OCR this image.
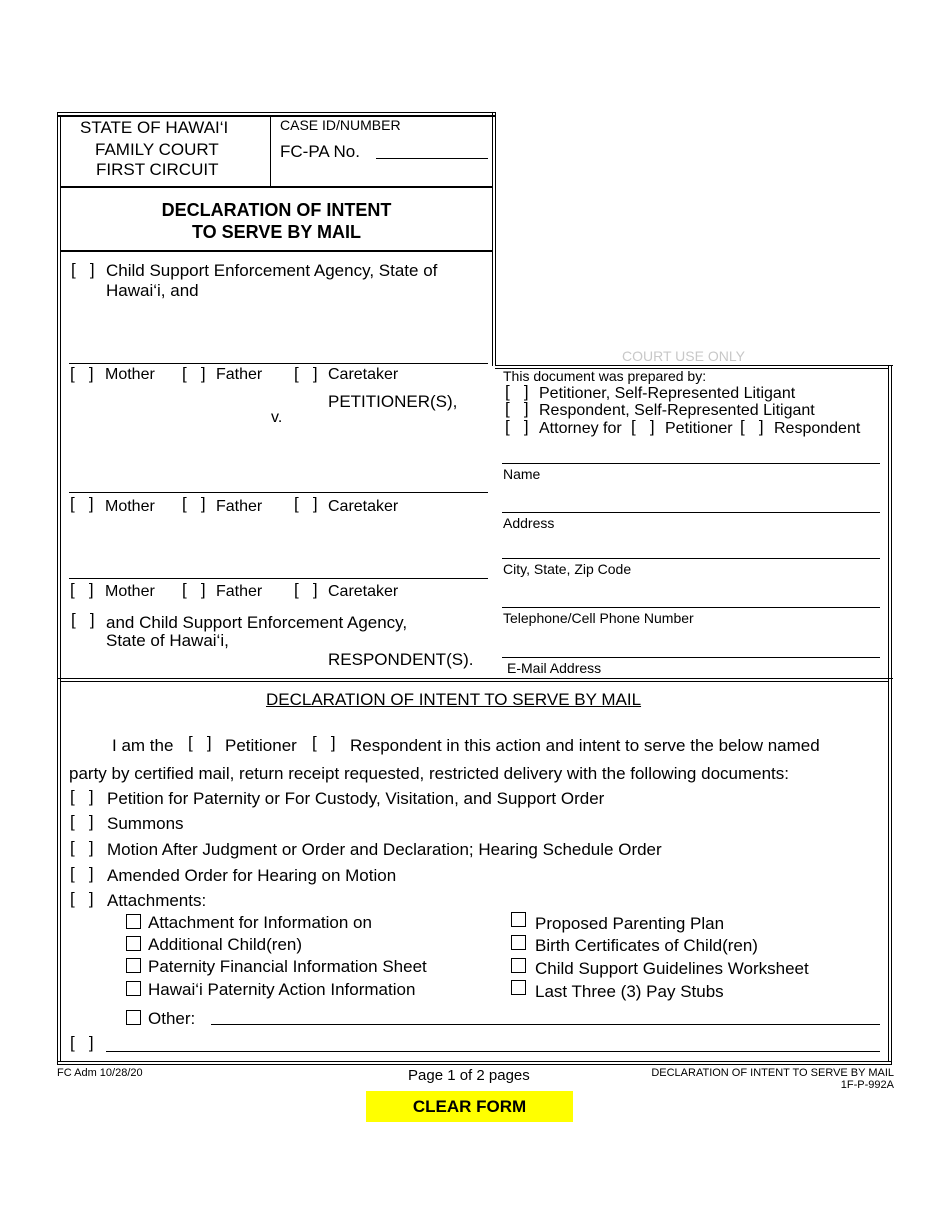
STATE OF HAWAI‘I
FAMILY COURT
FIRST CIRCUIT
CASE ID/NUMBER
FC-PA No.
DECLARATION OF INTENT
TO SERVE BY MAIL
[ ] Child Support Enforcement Agency, State of
Hawai‘i, and
[   ] Mother [   ] Father [   ] Caretaker
PETITIONER(S),
v.
[   ] Mother [   ] Father [   ] Caretaker
[   ] Mother [   ] Father [   ] Caretaker
[   ] and Child Support Enforcement Agency,
State of Hawai‘i,
RESPONDENT(S).
COURT USE ONLY
This document was prepared by:
[   ] Petitioner, Self-Represented Litigant
[   ] Respondent, Self-Represented Litigant
[   ] Attorney for [   ] Petitioner [   ] Respondent
Name
Address
City, State, Zip Code
Telephone/Cell Phone Number
E-Mail Address
DECLARATION OF INTENT TO SERVE BY MAIL
I am the [   ] Petitioner [   ] Respondent in this action and intent to serve the below named
party by certified mail, return receipt requested, restricted delivery with the following documents:
[   ] Petition for Paternity or For Custody, Visitation, and Support Order
[   ] Summons
[   ] Motion After Judgment or Order and Declaration; Hearing Schedule Order
[   ] Amended Order for Hearing on Motion
[   ] Attachments:
Attachment for Information on
Additional Child(ren)
Paternity Financial Information Sheet
Hawai‘i Paternity Action Information
Proposed Parenting Plan
Birth Certificates of Child(ren)
Child Support Guidelines Worksheet
Last Three (3) Pay Stubs
Other:
[   ]
FC Adm 10/28/20	Page 1 of 2 pages	DECLARATION OF INTENT TO SERVE BY MAIL
1F-P-992A
CLEAR FORM
